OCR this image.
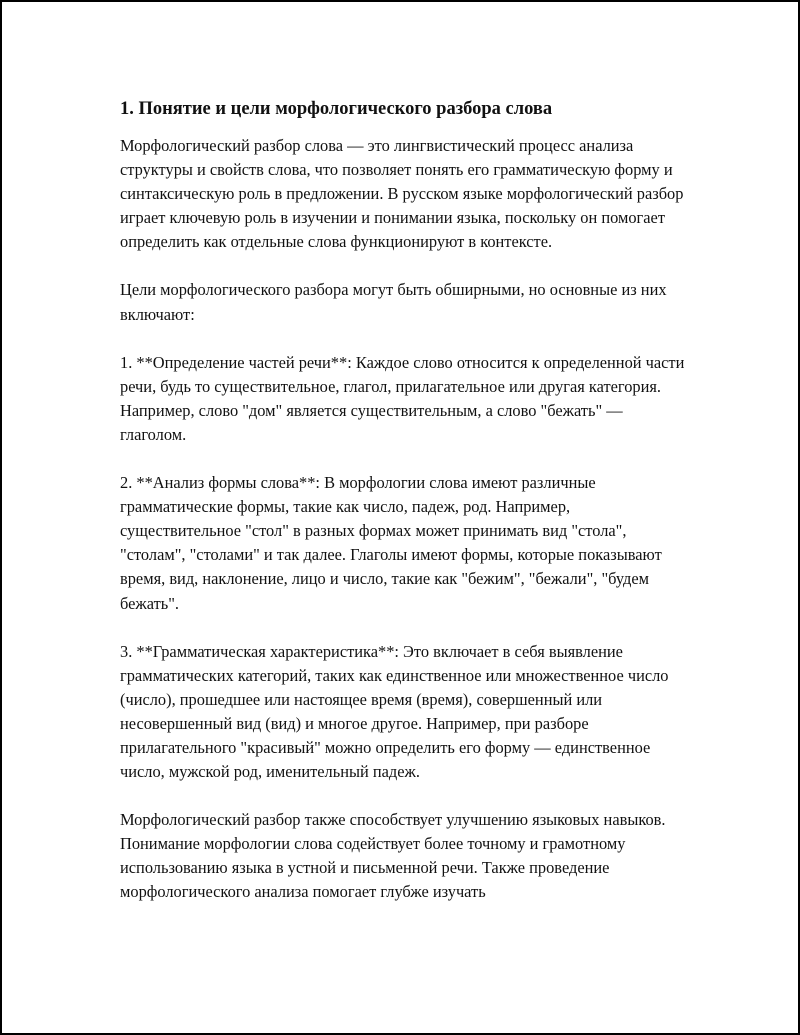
1. Понятие и цели морфологического разбора слова

Морфологический разбор слова — это лингвистический процесс анализа структуры и свойств слова, что позволяет понять его грамматическую форму и синтаксическую роль в предложении. В русском языке морфологический разбор играет ключевую роль в изучении и понимании языка, поскольку он помогает определить как отдельные слова функционируют в контексте.

Цели морфологического разбора могут быть обширными, но основные из них включают:

1. **Определение частей речи**: Каждое слово относится к определенной части речи, будь то существительное, глагол, прилагательное или другая категория. Например, слово "дом" является существительным, а слово "бежать" — глаголом.

2. **Анализ формы слова**: В морфологии слова имеют различные грамматические формы, такие как число, падеж, род. Например, существительное "стол" в разных формах может принимать вид "стола", "столам", "столами" и так далее. Глаголы имеют формы, которые показывают время, вид, наклонение, лицо и число, такие как "бежим", "бежали", "будем бежать".

3. **Грамматическая характеристика**: Это включает в себя выявление грамматических категорий, таких как единственное или множественное число (число), прошедшее или настоящее время (время), совершенный или несовершенный вид (вид) и многое другое. Например, при разборе прилагательного "красивый" можно определить его форму — единственное число, мужской род, именительный падеж.

Морфологический разбор также способствует улучшению языковых навыков. Понимание морфологии слова содействует более точному и грамотному использованию языка в устной и письменной речи. Также проведение морфологического анализа помогает глубже изучать
